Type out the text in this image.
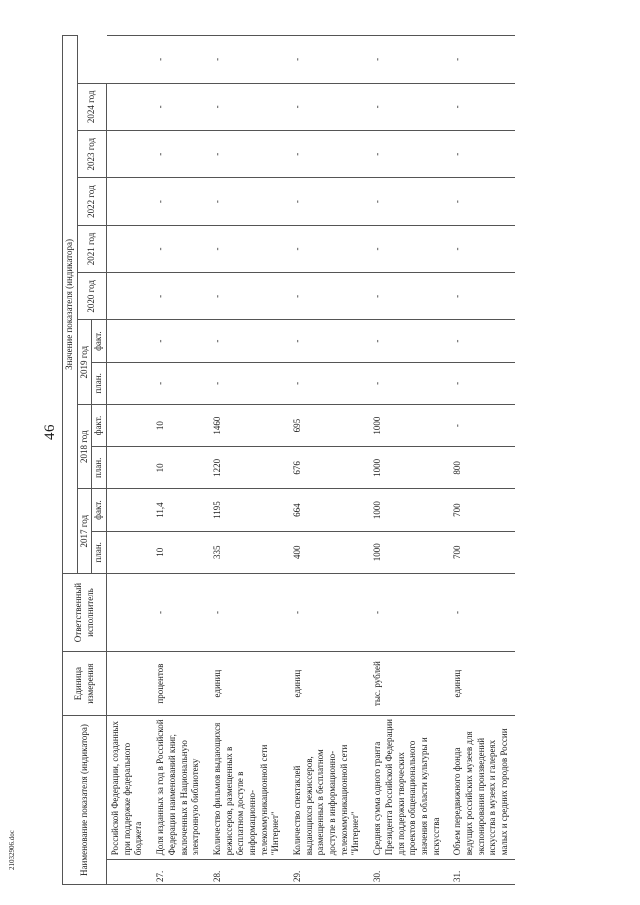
46
21032906.doc	Наименование показателя (индикатора)		Единица измерения	Ответственный исполнитель	Значение показателя (индикатора)											
				2017 год		2018 год		2019 год		2020 год	2021 год	2022 год	2023 год	2024 год	
				план.	факт.	план.	факт.	план.	факт.						
	Российской Федерации, созданных при поддержке федерального бюджета														
27.	Доля изданных за год в Российской Федерации наименований книг, включенных в Национальную электронную библиотеку	процентов	-	10	11,4	10	10	-	-	-	-	-	-	-	-
28.	Количество фильмов выдающихся режиссеров, размещенных в бесплатном доступе в информационно-телекоммуникационной сети "Интернет"	единиц	-	335	1195	1220	1460	-	-	-	-	-	-	-	-
29.	Количество спектаклей выдающихся режиссеров, размещенных в бесплатном доступе в информационно-телекоммуникационной сети "Интернет"	единиц	-	400	664	676	695	-	-	-	-	-	-	-	-
30.	Средняя сумма одного гранта Президента Российской Федерации для поддержки творческих проектов общенационального значения в области культуры и искусства	тыс. рублей	-	1000	1000	1000	1000	-	-	-	-	-	-	-	-
31.	Объем передвижного фонда ведущих российских музеев для экспонирования произведений искусства в музеях и галереях малых и средних городов России	единиц	-	700	700	800	-	-	-	-	-	-	-	-	-
